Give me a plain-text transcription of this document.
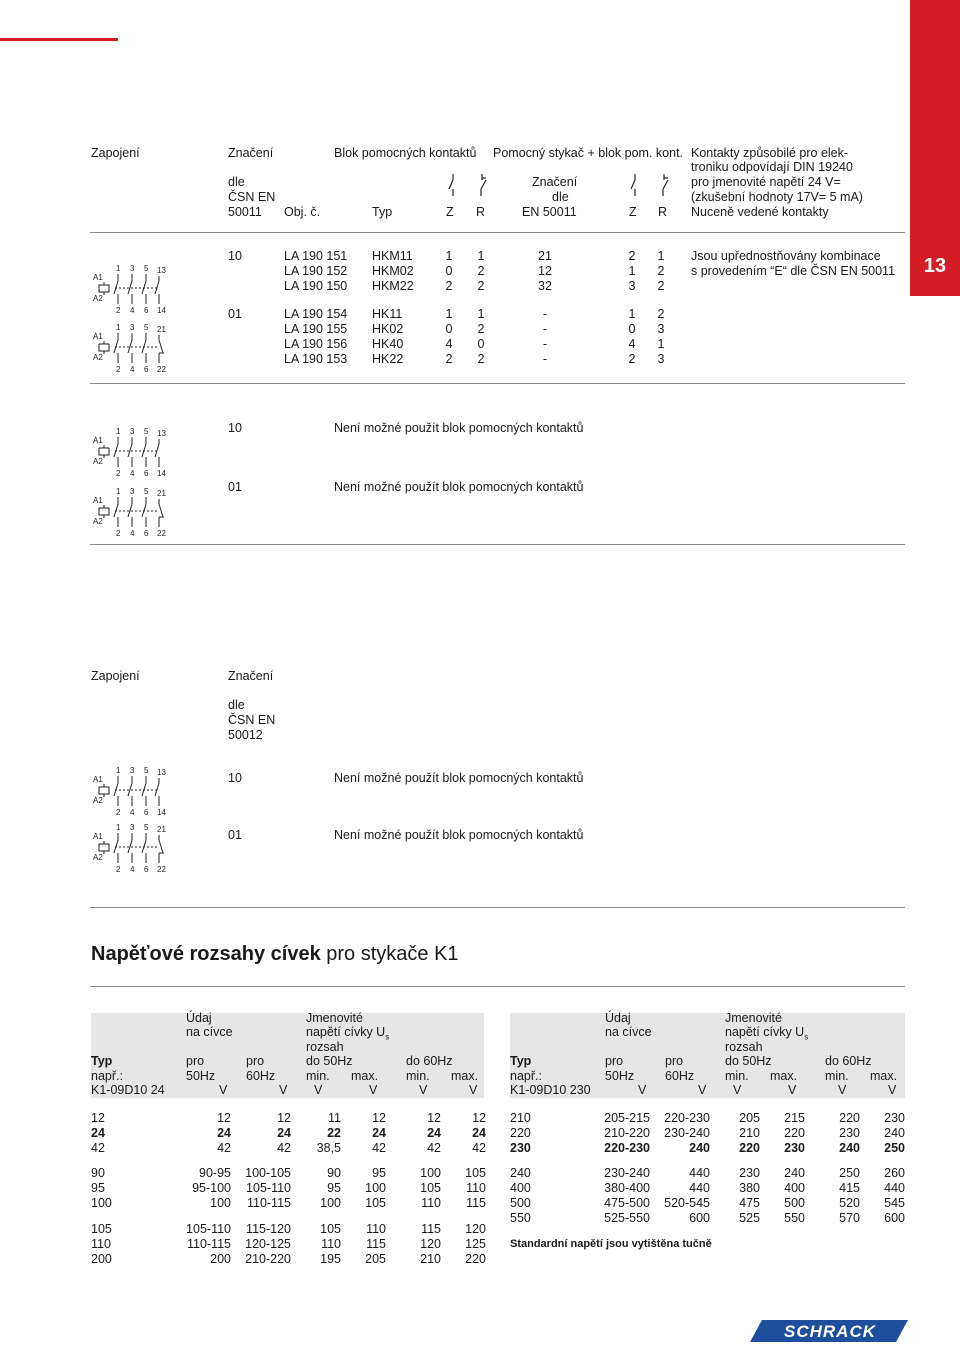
13
Zapojení	Značení
dle
ČSN EN
50011 Obj. č.
Blok pomocných kontaktů
Typ	Z R
Pomocný stykač + blok pom. kont.
Značení
dle
EN 50011	Z R
Kontakty způsobilé pro elek-
troniku odpovídají DIN 19240
pro jmenovité napětí 24 V=
(zkušební hodnoty 17V= 5 mA)
Nuceně vedené kontakty
10	LA 190 151 HKM11	1	1	21	2	1
LA 190 152 HKM02	0	2	12	1	2
LA 190 150 HKM22	2	2	32	3	2
01	LA 190 154 HK11	1	1	-	1	2
LA 190 155 HK02	0	2	-	0	3
LA 190 156 HK40	4	0	-	4	1
LA 190 153 HK22	2	2	-	2	3
Jsou upřednostňovány kombinace
s provedením “E“ dle ČSN EN 50011
A1
A2
1
2
3
4
5
6
13
14
A1
A2
1
2
3
4
5
6
21
22
A1
A2
1
2
3
4
5
6
13
14
A1
A2
1
2
3
4
5
6
21
22
A1
A2
1
2
3
4
5
6
13
14
A1
A2
1
2
3
4
5
6
21
22
10	Není možné použít blok pomocných kontaktů
01	Není možné použít blok pomocných kontaktů
Zapojení	Značení
dle
ČSN EN
50012
10	Není možné použít blok pomocných kontaktů
01	Není možné použít blok pomocných kontaktů
Napěťové rozsahy cívek pro stykače K1
Údaj
na cívce
Jmenovité
napětí cívky $U_s$
rozsah
Typ
např.:
K1-09D10 24
pro	pro
50Hz 60Hz
do 50Hz	do 60Hz
min. max. min. max.
V	V V	V	V	V
Údaj
na cívce
Jmenovité
napětí cívky $U_s$
rozsah
Typ
např.:
K1-09D10 230
pro	pro
50Hz 60Hz
do 50Hz	do 60Hz
min. max. min. max.
V	V V	V	V	V
12	12	12	11	12	12	12
24	24	24	22	24	24	24
42	42	42	38,5	42	42	42
90	90-95	100-105	90	95	100	105
95	95-100	105-110	95	100	105	110
100	100	110-115	100	105	110	115
105	105-110	115-120	105	110	115	120
110	110-115	120-125	110	115	120	125
200	200	210-220	195	205	210	220
210	205-215	220-230	205	215	220	230
220	210-220	230-240	210	220	230	240
230	220-230	240	220	230	240	250
240	230-240	440	230	240	250	260
400	380-400	440	380	400	415	440
500	475-500	520-545	475	500	520	545
550	525-550	600	525	550	570	600
Standardní napětí jsou vytištěna tučně
SCHRACK
